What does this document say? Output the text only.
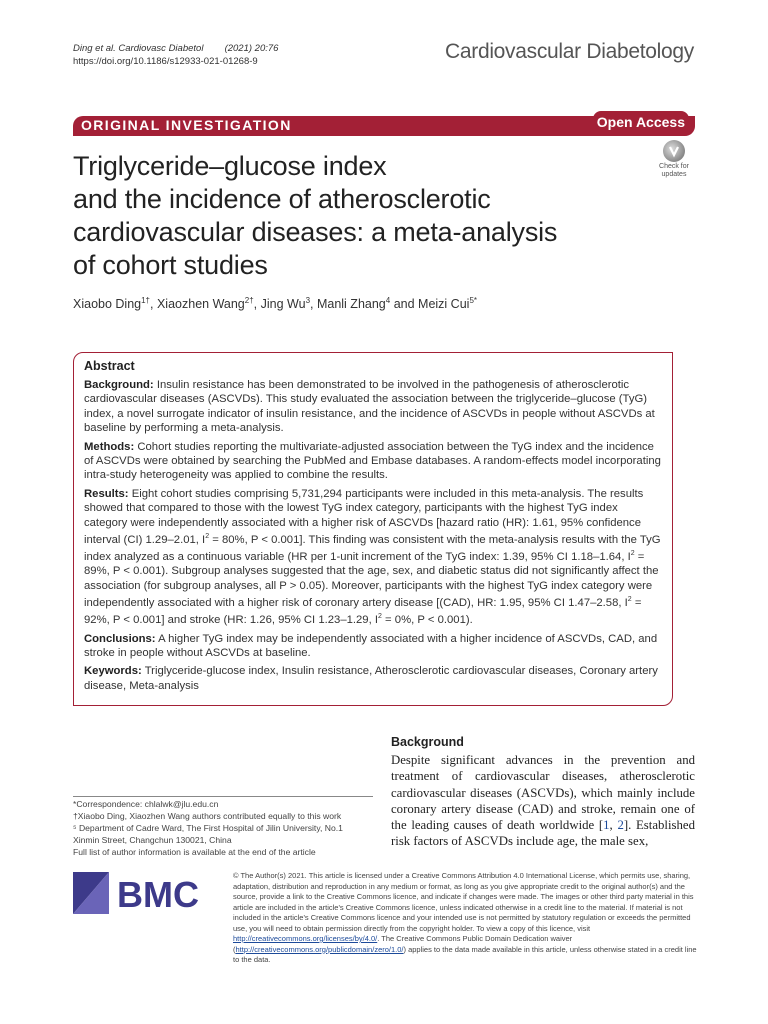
Ding et al. Cardiovasc Diabetol (2021) 20:76
https://doi.org/10.1186/s12933-021-01268-9	Cardiovascular Diabetology
ORIGINAL INVESTIGATION	Open Access
Check for
updates
Triglyceride–glucose index
and the incidence of atherosclerotic
cardiovascular diseases: a meta-analysis
of cohort studies
Xiaobo Ding$^{1\dagger}$, Xiaozhen Wang$^{2\dagger}$, Jing Wu$^3$, Manli Zhang$^4$ and Meizi Cui$^{5*}$
Abstract

Background: Insulin resistance has been demonstrated to be involved in the pathogenesis of atherosclerotic cardiovascular diseases (ASCVDs). This study evaluated the association between the triglyceride–glucose (TyG) index, a novel surrogate indicator of insulin resistance, and the incidence of ASCVDs in people without ASCVDs at baseline by performing a meta-analysis.

Methods: Cohort studies reporting the multivariate-adjusted association between the TyG index and the incidence of ASCVDs were obtained by searching the PubMed and Embase databases. A random-effects model incorporating intra-study heterogeneity was applied to combine the results.

Results: Eight cohort studies comprising 5,731,294 participants were included in this meta-analysis. The results showed that compared to those with the lowest TyG index category, participants with the highest TyG index category were independently associated with a higher risk of ASCVDs [hazard ratio (HR): 1.61, 95% confidence interval (CI) 1.29–2.01, $I^2 = 80\%$, P < 0.001]. This finding was consistent with the meta-analysis results with the TyG index analyzed as a continuous variable (HR per 1-unit increment of the TyG index: 1.39, 95% CI 1.18–1.64, $I^2 = 89\%$, P < 0.001). Subgroup analyses suggested that the age, sex, and diabetic status did not significantly affect the association (for subgroup analyses, all P > 0.05). Moreover, participants with the highest TyG index category were independently associated with a higher risk of coronary artery disease [(CAD), HR: 1.95, 95% CI 1.47–2.58, $I^2 = 92\%$, P < 0.001] and stroke (HR: 1.26, 95% CI 1.23–1.29, $I^2 = 0\%$, P < 0.001).

Conclusions: A higher TyG index may be independently associated with a higher incidence of ASCVDs, CAD, and stroke in people without ASCVDs at baseline.

Keywords: Triglyceride-glucose index, Insulin resistance, Atherosclerotic cardiovascular diseases, Coronary artery disease, Meta-analysis

*Correspondence: chlalwk@jlu.edu.cn
†Xiaobo Ding, Xiaozhen Wang authors contributed equally to this work
⁵ Department of Cadre Ward, The First Hospital of Jilin University, No.1
Xinmin Street, Changchun 130021, China
Full list of author information is available at the end of the article
Background
Despite significant advances in the prevention and treatment of cardiovascular diseases, atherosclerotic cardiovascular diseases (ASCVDs), which mainly include coronary artery disease (CAD) and stroke, remain one of the leading causes of death worldwide [1, 2]. Established risk factors of ASCVDs include age, the male sex,
BMC	© The Author(s) 2021. This article is licensed under a Creative Commons Attribution 4.0 International License, which permits use, sharing, adaptation, distribution and reproduction in any medium or format, as long as you give appropriate credit to the original author(s) and the source, provide a link to the Creative Commons licence, and indicate if changes were made. The images or other third party material in this article are included in the article's Creative Commons licence, unless indicated otherwise in a credit line to the material. If material is not included in the article's Creative Commons licence and your intended use is not permitted by statutory regulation or exceeds the permitted use, you will need to obtain permission directly from the copyright holder. To view a copy of this licence, visit http://creativecommons.org/licenses/by/4.0/. The Creative Commons Public Domain Dedication waiver (http://creativecommons.org/publicdomain/zero/1.0/) applies to the data made available in this article, unless otherwise stated in a credit line to the data.
